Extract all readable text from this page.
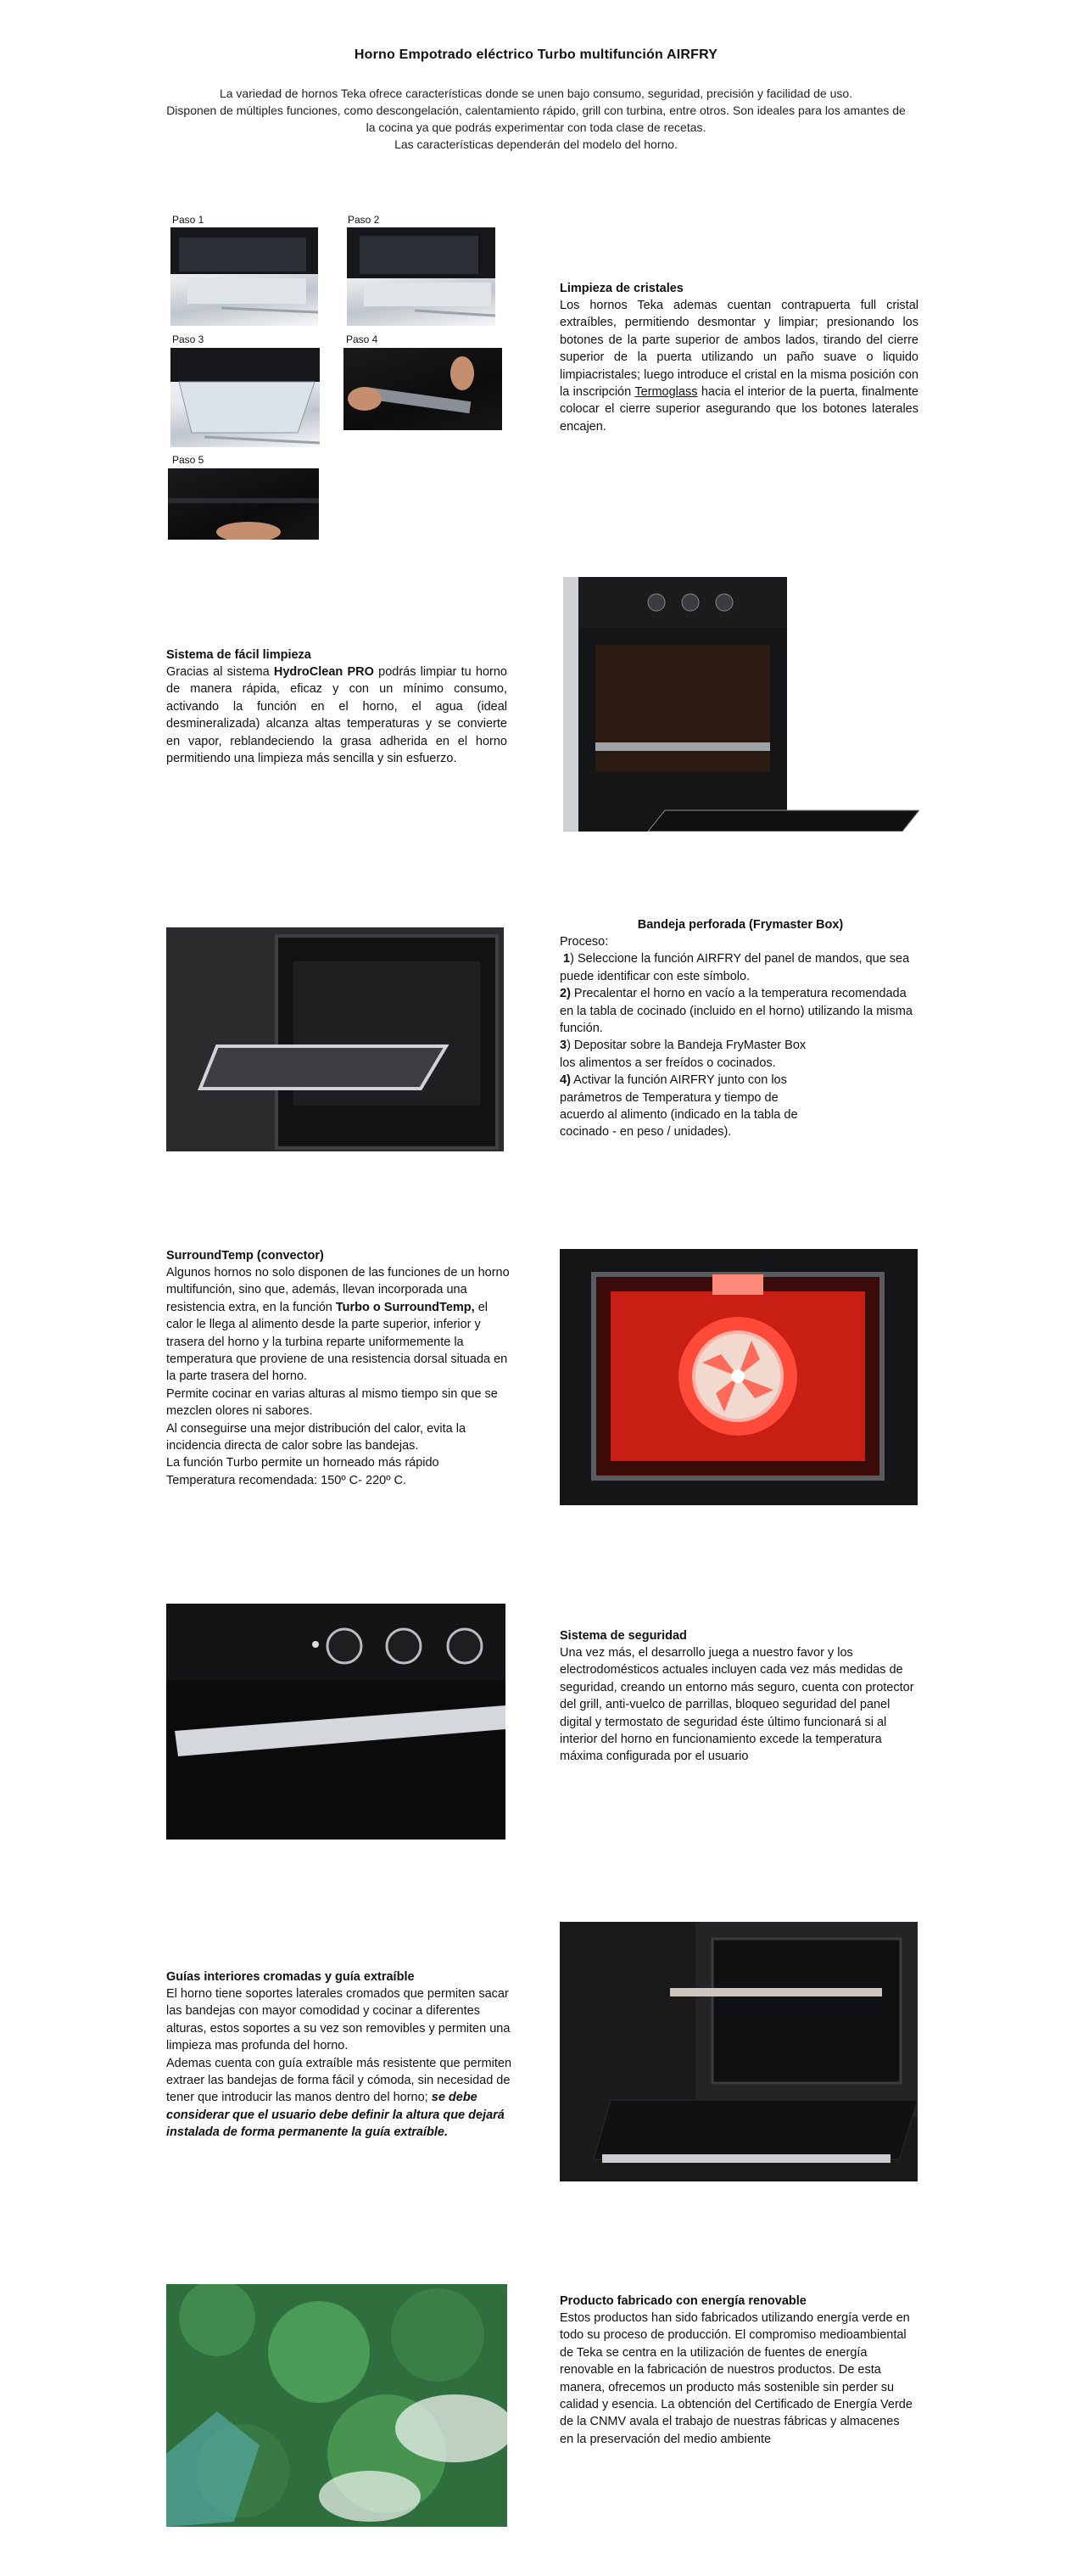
Horno Empotrado eléctrico Turbo multifunción AIRFRY

La variedad de hornos Teka ofrece características donde se unen bajo consumo, seguridad, precisión y facilidad de uso.

Disponen de múltiples funciones, como descongelación, calentamiento rápido, grill con turbina, entre otros. Son ideales para los amantes de

la cocina ya que podrás experimentar con toda clase de recetas.

Las características dependerán del modelo del horno.

Paso 1	Paso 2
Paso 3	Paso 4
Paso 5
Limpieza de cristales

Los hornos Teka ademas cuentan contrapuerta full cristal extraíbles, permitiendo desmontar y limpiar; presionando los botones de la parte superior de ambos lados, tirando del cierre superior de la puerta utilizando un paño suave o liquido limpiacristales; luego introduce el cristal en la misma posición con la inscripción Termoglass hacia el interior de la puerta, finalmente colocar el cierre superior asegurando que los botones laterales encajen.

Sistema de fácil limpieza

Gracias al sistema HydroClean PRO podrás limpiar tu horno de manera rápida, eficaz y con un mínimo consumo, activando la función en el horno, el agua (ideal desmineralizada) alcanza altas temperaturas y se convierte en vapor, reblandeciendo la grasa adherida en el horno permitiendo una limpieza más sencilla y sin esfuerzo.

Bandeja perforada (Frymaster Box)

Proceso:

1) Seleccione la función AIRFRY del panel de mandos, que sea puede identificar con este símbolo.

2) Precalentar el horno en vacío a la temperatura recomendada en la tabla de cocinado (incluido en el horno) utilizando la misma función.

3) Depositar sobre la Bandeja FryMaster Box los alimentos a ser freídos o cocinados.

4) Activar la función AIRFRY junto con los parámetros de Temperatura y tiempo de acuerdo al alimento (indicado en la tabla de cocinado - en peso / unidades).

SurroundTemp (convector)

Algunos hornos no solo disponen de las funciones de un horno multifunción, sino que, además, llevan incorporada una resistencia extra, en la función Turbo o SurroundTemp, el calor le llega al alimento desde la parte superior, inferior y trasera del horno y la turbina reparte uniformemente la temperatura que proviene de una resistencia dorsal situada en la parte trasera del horno.

Permite cocinar en varias alturas al mismo tiempo sin que se mezclen olores ni sabores.

Al conseguirse una mejor distribución del calor, evita la incidencia directa de calor sobre las bandejas.

La función Turbo permite un horneado más rápido

Temperatura recomendada: 150º C- 220º C.

Sistema de seguridad

Una vez más, el desarrollo juega a nuestro favor y los electrodomésticos actuales incluyen cada vez más medidas de seguridad, creando un entorno más seguro, cuenta con protector del grill, anti-vuelco de parrillas, bloqueo seguridad del panel digital y termostato de seguridad éste último funcionará si al interior del horno en funcionamiento excede la temperatura máxima configurada por el usuario

Guías interiores cromadas y guía extraíble

El horno tiene soportes laterales cromados que permiten sacar las bandejas con mayor comodidad y cocinar a diferentes alturas, estos soportes a su vez son removibles y permiten una limpieza mas profunda del horno.

Ademas cuenta con guía extraíble más resistente que permiten extraer las bandejas de forma fácil y cómoda, sin necesidad de tener que introducir las manos dentro del horno; se debe considerar que el usuario debe definir la altura que dejará instalada de forma permanente la guía extraíble.

Producto fabricado con energía renovable

Estos productos han sido fabricados utilizando energía verde en todo su proceso de producción. El compromiso medioambiental de Teka se centra en la utilización de fuentes de energía renovable en la fabricación de nuestros productos. De esta manera, ofrecemos un producto más sostenible sin perder su calidad y esencia. La obtención del Certificado de Energía Verde de la CNMV avala el trabajo de nuestras fábricas y almacenes en la preservación del medio ambiente
